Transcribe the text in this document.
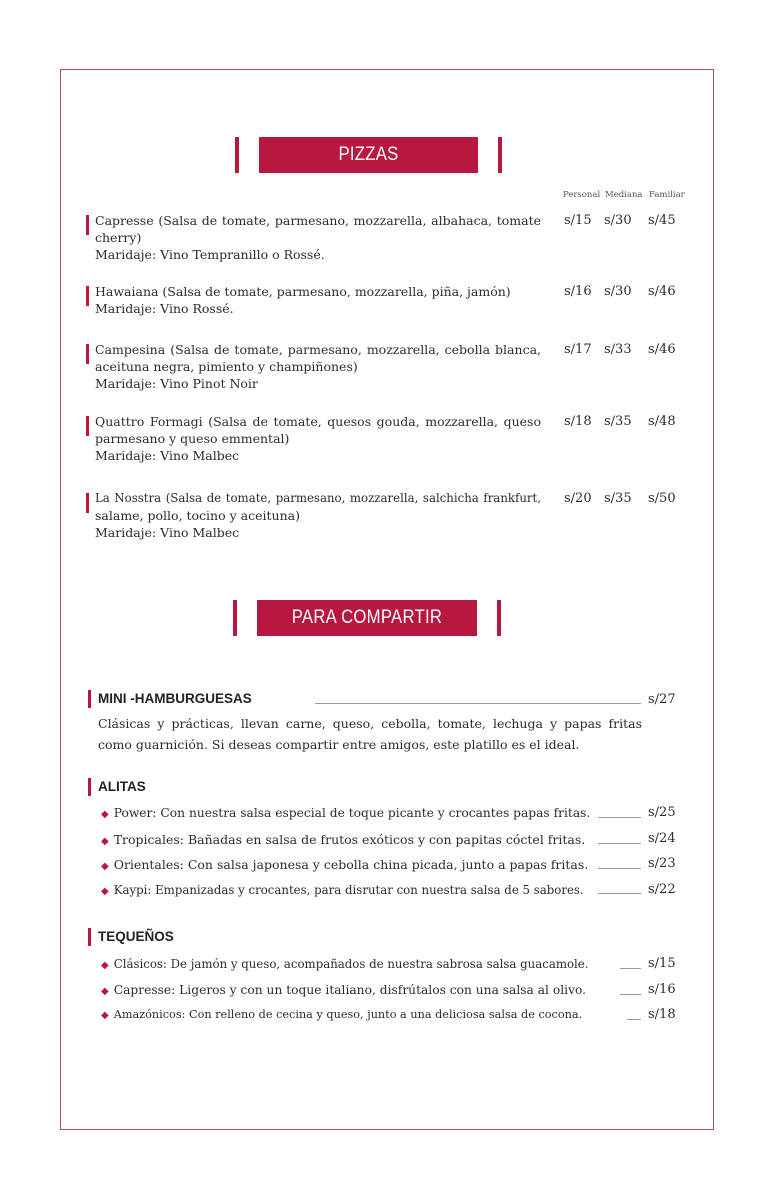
PIZZAS
Personal Mediana Familiar
Capresse (Salsa de tomate, parmesano, mozzarella, albahaca, tomate
cherry)
Maridaje: Vino Tempranillo o Rossé.
s/15 s/30 s/45
Hawaiana (Salsa de tomate, parmesano, mozzarella, piña, jamón)
Maridaje: Vino Rossé.
s/16 s/30 s/46
Campesina (Salsa de tomate, parmesano, mozzarella, cebolla blanca,
aceituna negra, pimiento y champiñones)
Maridaje: Vino Pinot Noir
s/17 s/33 s/46
Quattro Formagi (Salsa de tomate, quesos gouda, mozzarella, queso
parmesano y queso emmental)
Maridaje: Vino Malbec
s/18 s/35 s/48
La Nosstra (Salsa de tomate, parmesano, mozzarella, salchicha frankfurt,
salame, pollo, tocino y aceituna)
Maridaje: Vino Malbec
s/20 s/35 s/50
PARA COMPARTIR
MINI -HAMBURGUESAS	s/27
Clásicas y prácticas, llevan carne, queso, cebolla, tomate, lechuga y papas fritas como guarnición. Si deseas compartir entre amigos, este platillo es el ideal.
ALITAS
◆ Power: Con nuestra salsa especial de toque picante y crocantes papas fritas.	s/25
◆ Tropicales: Bañadas en salsa de frutos exóticos y con papitas cóctel fritas.	s/24
◆ Orientales: Con salsa japonesa y cebolla china picada, junto a papas fritas.	s/23
◆ Kaypi: Empanizadas y crocantes, para disrutar con nuestra salsa de 5 sabores.	s/22
TEQUEÑOS
◆ Clásicos: De jamón y queso, acompañados de nuestra sabrosa salsa guacamole.	s/15
◆ Capresse: Ligeros y con un toque italiano, disfrútalos con una salsa al olivo.	s/16
◆ Amazónicos: Con relleno de cecina y queso, junto a una deliciosa salsa de cocona.	s/18
